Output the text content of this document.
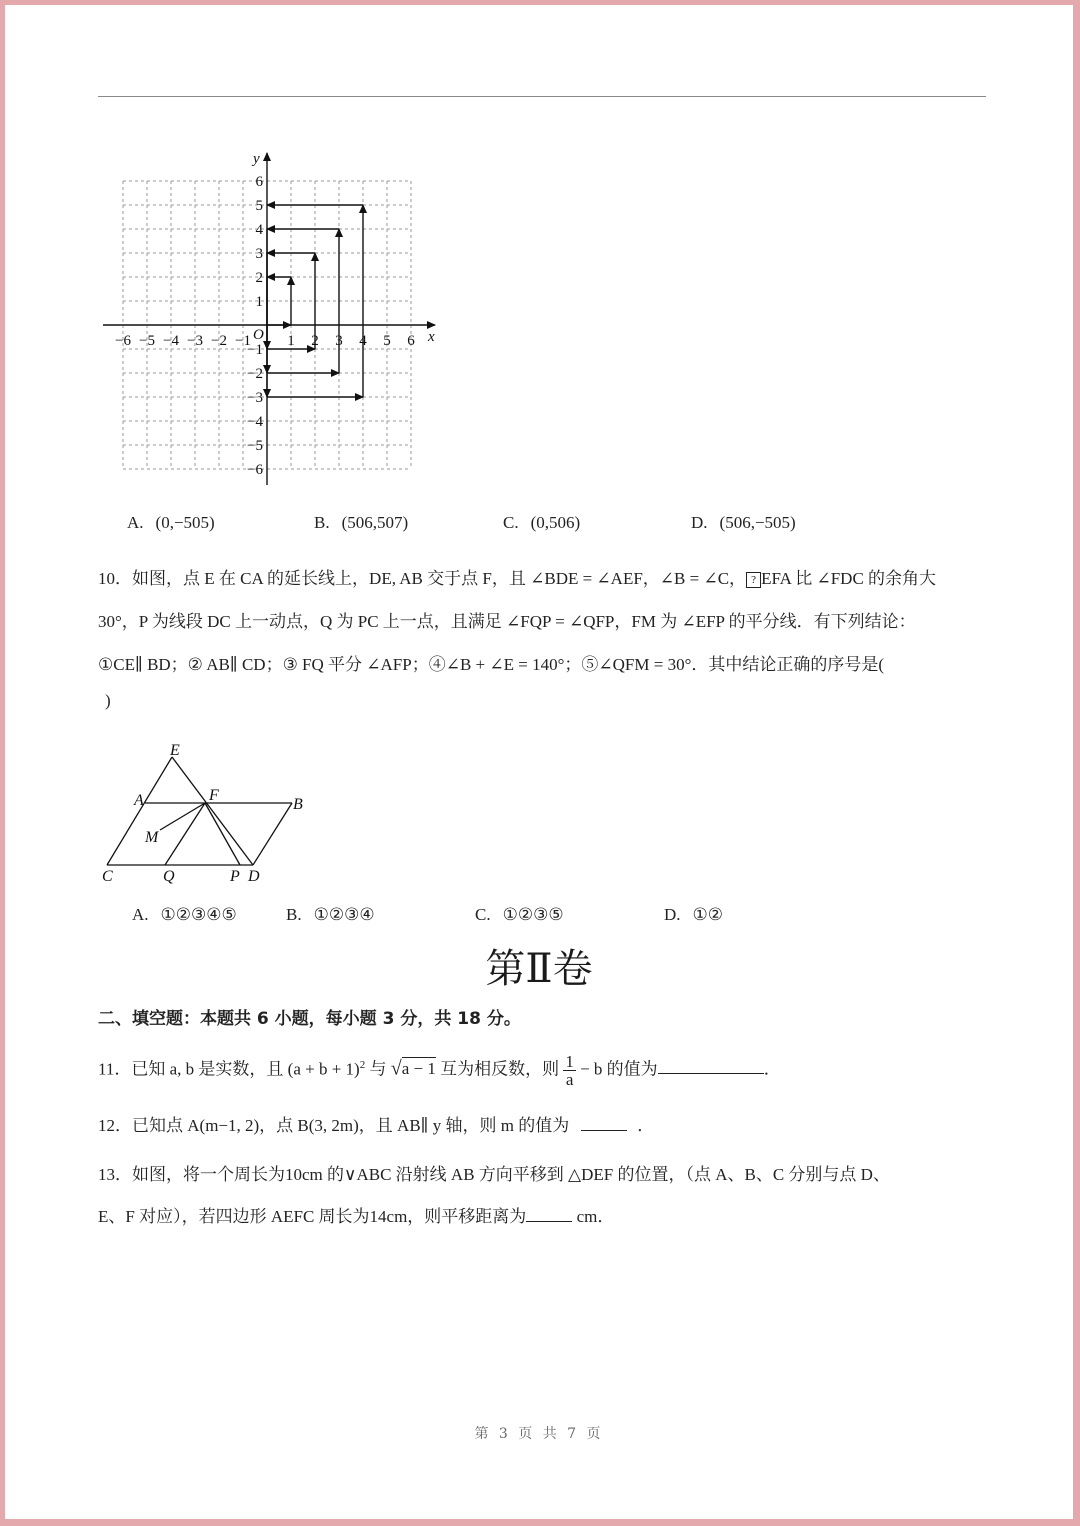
−6 −5 −4 −3 −2 −1 1 2 3 4 5 6
6
5
4
3
2
1
−1
−2
−3
−4
−5
−6
O	x
y
A. (0,−505)	B. (506,507)	C. (0,506)	D. (506,−505)
10．如图，点 E 在 CA 的延长线上，DE, AB 交于点 F，且 ∠BDE = ∠AEF，∠B = ∠C， ? EFA 比 ∠FDC 的余角大
30°，P 为线段 DC 上一动点，Q 为 PC 上一点，且满足 ∠FQP = ∠QFP，FM 为 ∠EFP 的平分线．有下列结论：
①CE∥ BD；② AB∥ CD；③ FQ 平分 ∠AFP；④∠B + ∠E = 140°；⑤∠QFM = 30°．其中结论正确的序号是(
)
E
A	F
B
M
C	Q	P D
A. ①②③④⑤	B. ①②③④	C. ①②③⑤	D. ①②
第Ⅱ卷
二、填空题：本题共 6 小题，每小题 3 分，共 18 分。
11．已知 a, b 是实数，且 $(a + b + 1)^2$ 与 √a − 1 互为相反数，则 $\frac{1}{a} - b$ 的值为	．
12．已知点 A(m−1, 2)，点 B(3, 2m)，且 AB∥ y 轴，则 m 的值为	．
13．如图，将一个周长为10cm 的∨ABC 沿射线 AB 方向平移到 △DEF 的位置，（点 A、B、C 分别与点 D、
E、F 对应），若四边形 AEFC 周长为14cm，则平移距离为	cm．
第 3 页 共 7 页
